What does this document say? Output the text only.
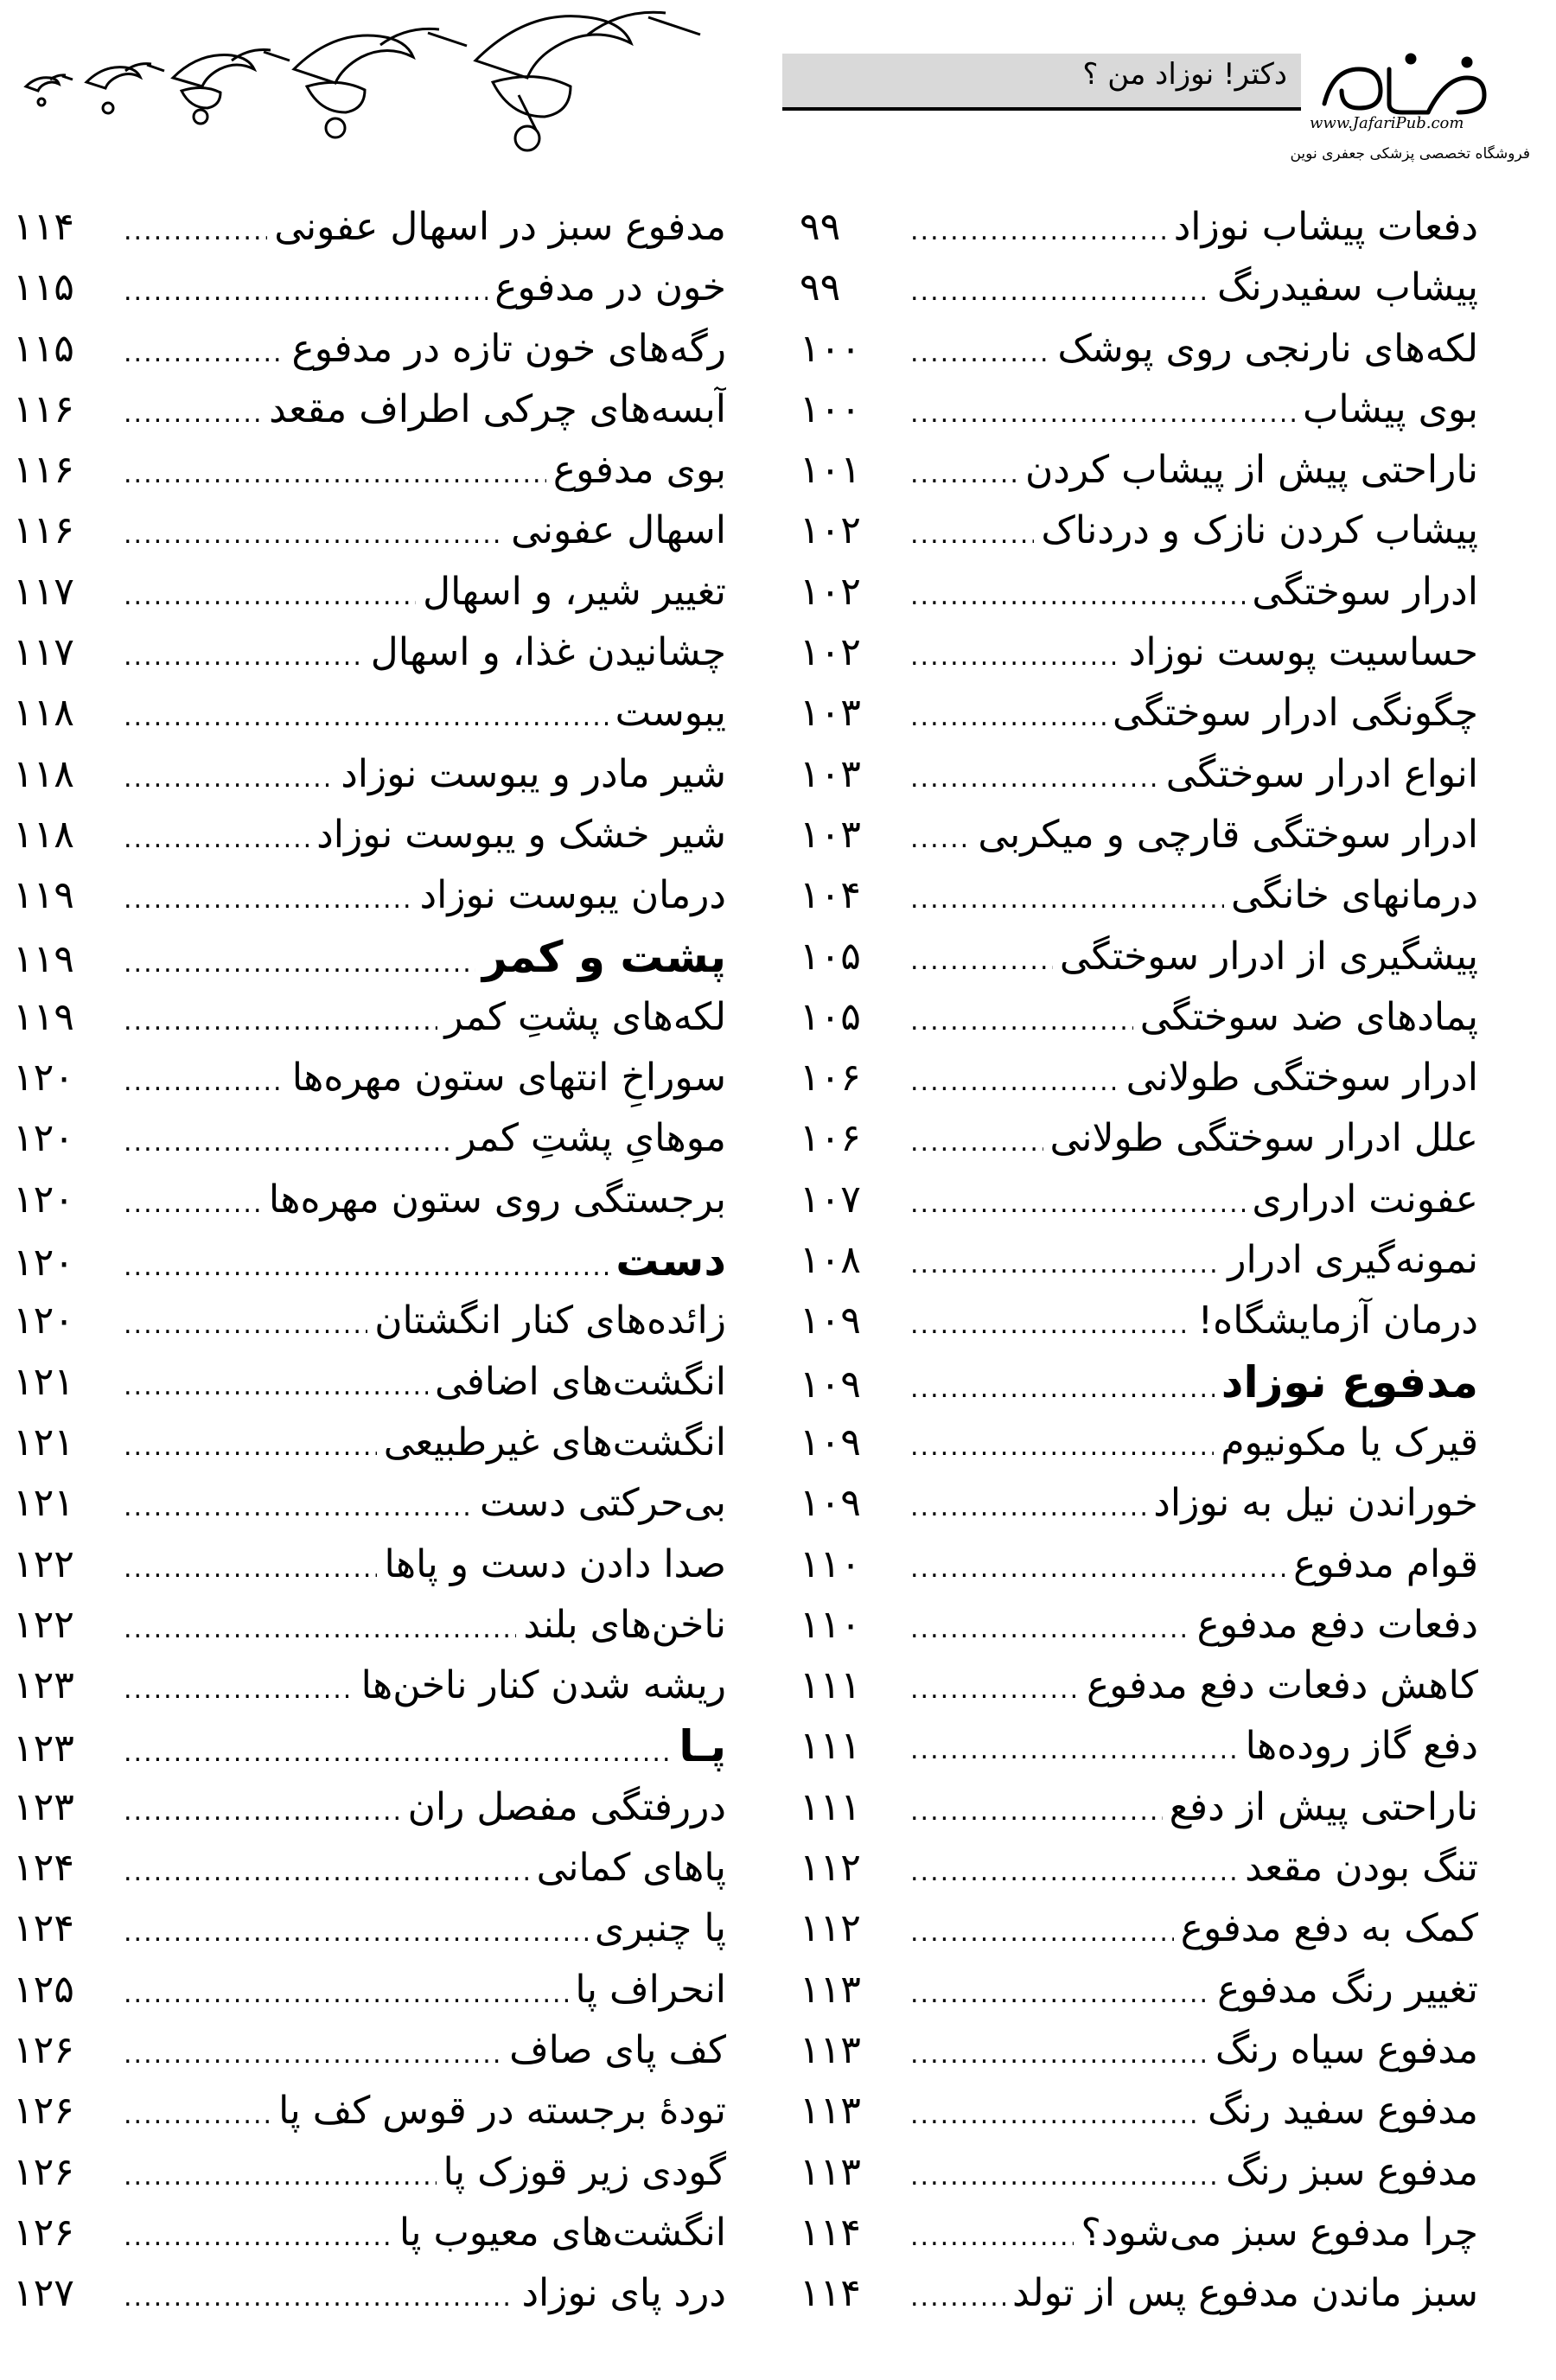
دکتر! نوزاد من ؟
www.JafariPub.com
فروشگاه تخصصی پزشکی جعفری نوین
دفعات پیشاب نوزاد
.....
۹۹
پیشاب سفیدرنگ
.....
۹۹
لکه‌های نارنجی روی پوشک
.....
۱۰۰
بوی پیشاب
.....
۱۰۰
ناراحتی پیش از پیشاب کردن
.....
۱۰۱
پیشاب کردن نازک و دردناک
.....
۱۰۲
ادرار سوختگی
.....
۱۰۲
حساسیت پوست نوزاد
.....
۱۰۲
چگونگی ادرار سوختگی
.....
۱۰۳
انواع ادرار سوختگی
.....
۱۰۳
ادرار سوختگی قارچی و میکربی
.....
۱۰۳
درمانهای خانگی
.....
۱۰۴
پیشگیری از ادرار سوختگی
.....
۱۰۵
پمادهای ضد سوختگی
.....
۱۰۵
ادرار سوختگی طولانی
.....
۱۰۶
علل ادرار سوختگی طولانی
.....
۱۰۶
عفونت ادراری
.....
۱۰۷
نمونه‌گیری ادرار
.....
۱۰۸
درمان آزمایشگاه!
.....
۱۰۹
مدفوع نوزاد
.....
۱۰۹
قیرک یا مکونیوم
.....
۱۰۹
خوراندن نیل به نوزاد
.....
۱۰۹
قوام مدفوع
.....
۱۱۰
دفعات دفع مدفوع
.....
۱۱۰
کاهش دفعات دفع مدفوع
.....
۱۱۱
دفع گاز روده‌ها
.....
۱۱۱
ناراحتی پیش از دفع
.....
۱۱۱
تنگ بودن مقعد
.....
۱۱۲
کمک به دفع مدفوع
.....
۱۱۲
تغییر رنگ مدفوع
.....
۱۱۳
مدفوع سیاه رنگ
.....
۱۱۳
مدفوع سفید رنگ
.....
۱۱۳
مدفوع سبز رنگ
.....
۱۱۳
چرا مدفوع سبز می‌شود؟
.....
۱۱۴
سبز ماندن مدفوع پس از تولد
.....
۱۱۴
مدفوع سبز در اسهال عفونی
.....
۱۱۴
خون در مدفوع
.....
۱۱۵
رگه‌های خون تازه در مدفوع
.....
۱۱۵
آبسه‌های چرکی اطراف مقعد
.....
۱۱۶
بوی مدفوع
.....
۱۱۶
اسهال عفونی
.....
۱۱۶
تغییر شیر، و اسهال
.....
۱۱۷
چشانیدن غذا، و اسهال
.....
۱۱۷
یبوست
.....
۱۱۸
شیر مادر و یبوست نوزاد
.....
۱۱۸
شیر خشک و یبوست نوزاد
.....
۱۱۸
درمان یبوست نوزاد
.....
۱۱۹
پشت و کمر
.....
۱۱۹
لکه‌های پشتِ کمر
.....
۱۱۹
سوراخِ انتهای ستون مهره‌ها
.....
۱۲۰
موهایِ پشتِ کمر
.....
۱۲۰
برجستگی روی ستون مهره‌ها
.....
۱۲۰
دست
.....
۱۲۰
زائده‌های کنار انگشتان
.....
۱۲۰
انگشت‌های اضافی
.....
۱۲۱
انگشت‌های غیرطبیعی
.....
۱۲۱
بی‌حرکتی دست
.....
۱۲۱
صدا دادن دست و پاها
.....
۱۲۲
ناخن‌های بلند
.....
۱۲۲
ریشه شدن کنار ناخن‌ها
.....
۱۲۳
پـا
.....
۱۲۳
دررفتگی مفصل ران
.....
۱۲۳
پاهای کمانی
.....
۱۲۴
پا چنبری
.....
۱۲۴
انحراف پا
.....
۱۲۵
کف پای صاف
.....
۱۲۶
تودهٔ برجسته در قوس کف پا
.....
۱۲۶
گودی زیر قوزک پا
.....
۱۲۶
انگشت‌های معیوب پا
.....
۱۲۶
درد پای نوزاد
.....
۱۲۷
